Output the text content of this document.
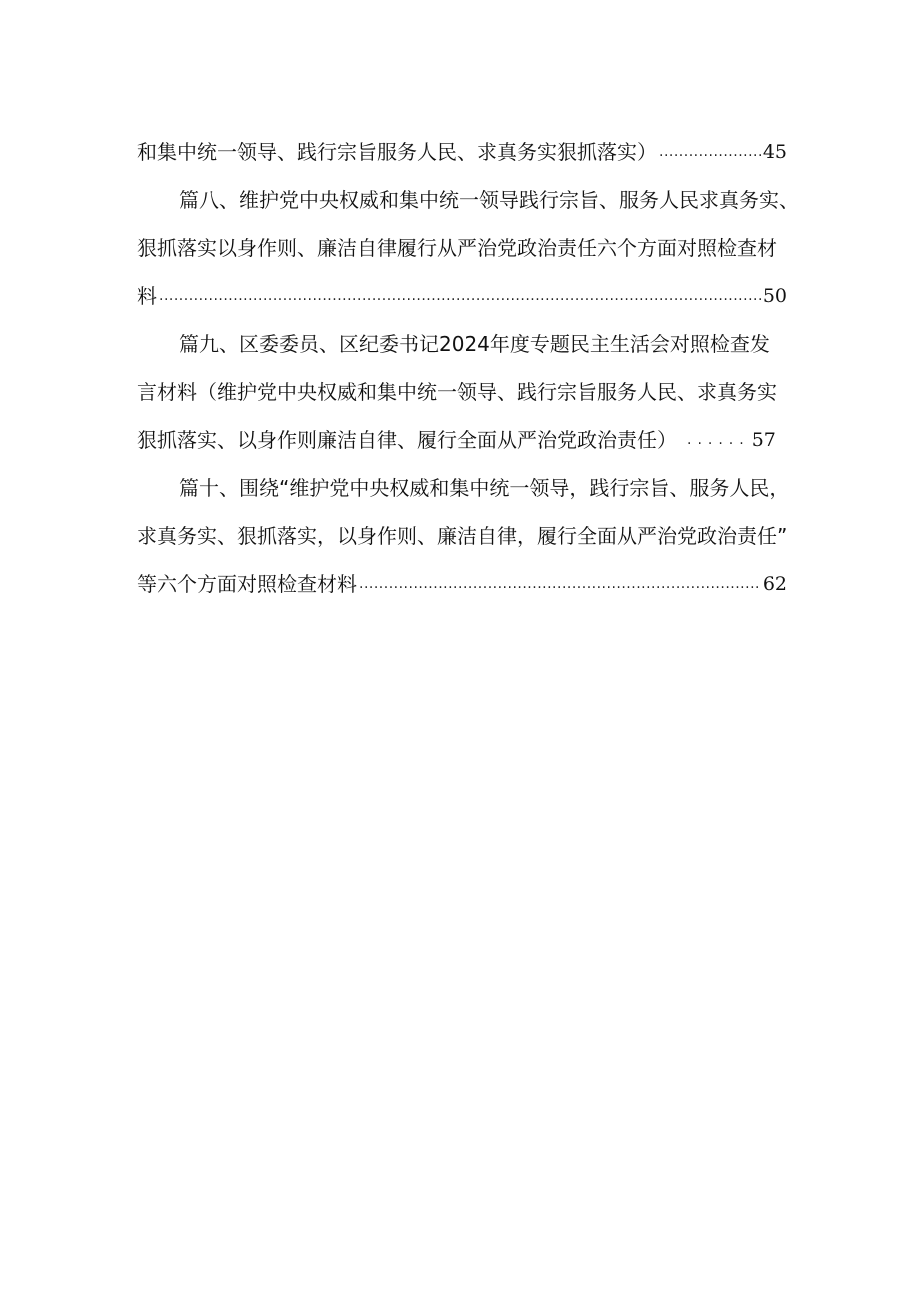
和集中统一领导、践行宗旨服务人民、求真务实狠抓落实） .....	45
篇八、维护党中央权威和集中统一领导践行宗旨、服务人民求真务实、
狠抓落实以身作则、廉洁自律履行从严治党政治责任六个方面对照检查材
料 .....	50
篇九、区委委员、区纪委书记2024年度专题民主生活会对照检查发
言材料（维护党中央权威和集中统一领导、践行宗旨服务人民、求真务实
狠抓落实、以身作则廉洁自律、履行全面从严治党政治责任） ......	57
篇十、围绕“维护党中央权威和集中统一领导，践行宗旨、服务人民，
求真务实、狠抓落实，以身作则、廉洁自律，履行全面从严治党政治责任”
等六个方面对照检查材料 .....	62
